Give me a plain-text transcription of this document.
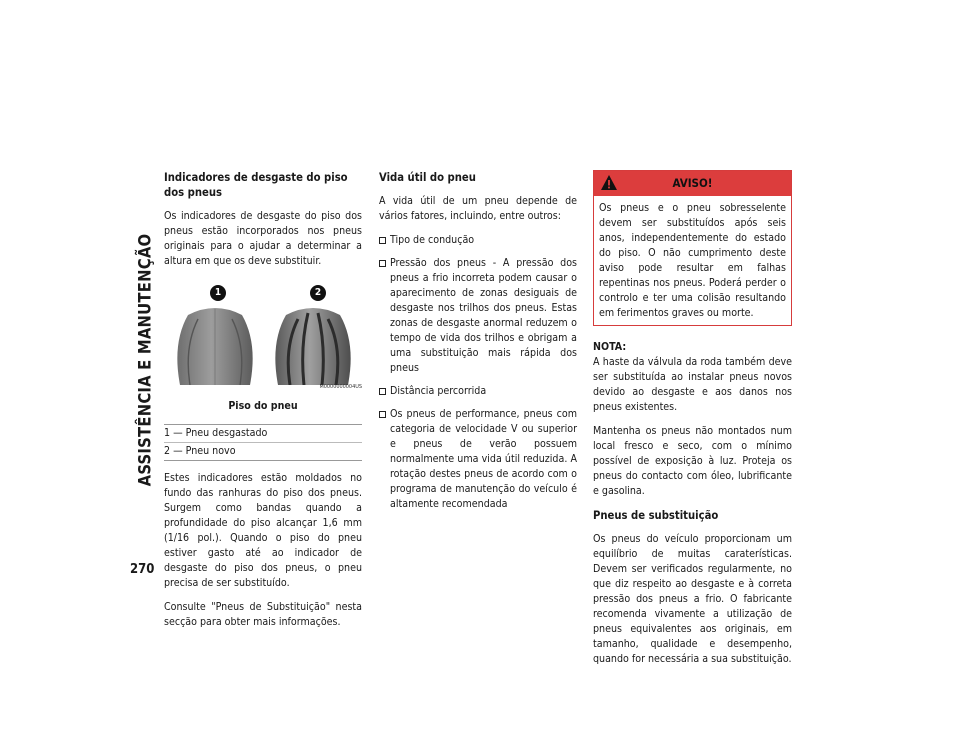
ASSISTÊNCIA E MANUTENÇÃO
270
Indicadores de desgaste do piso dos pneus

Os indicadores de desgaste do piso dos pneus estão incorporados nos pneus originais para o ajudar a determinar a altura em que os deve substituir.

1	2
M0000000004US
Piso do pneu
1 — Pneu desgastado
2 — Pneu novo

Estes indicadores estão moldados no fundo das ranhuras do piso dos pneus. Surgem como bandas quando a profundidade do piso alcançar 1,6 mm (1/16 pol.). Quando o piso do pneu estiver gasto até ao indicador de desgaste do piso dos pneus, o pneu precisa de ser substituído.

Consulte "Pneus de Substituição" nesta secção para obter mais informações.

Vida útil do pneu

A vida útil de um pneu depende de vários fatores, incluindo, entre outros:

Tipo de condução
Pressão dos pneus - A pressão dos pneus a frio incorreta podem causar o aparecimento de zonas desiguais de desgaste nos trilhos dos pneus. Estas zonas de desgaste anormal reduzem o tempo de vida dos trilhos e obrigam a uma substituição mais rápida dos pneus
Distância percorrida
Os pneus de performance, pneus com categoria de velocidade V ou superior e pneus de verão possuem normalmente uma vida útil reduzida. A rotação destes pneus de acordo com o programa de manutenção do veículo é altamente recomendada
AVISO!
Os pneus e o pneu sobresselente devem ser substituídos após seis anos, independentemente do estado do piso. O não cumprimento deste aviso pode resultar em falhas repentinas nos pneus. Poderá perder o controlo e ter uma colisão resultando em ferimentos graves ou morte.
NOTA:

A haste da válvula da roda também deve ser substituída ao instalar pneus novos devido ao desgaste e aos danos nos pneus existentes.

Mantenha os pneus não montados num local fresco e seco, com o mínimo possível de exposição à luz. Proteja os pneus do contacto com óleo, lubrificante e gasolina.

Pneus de substituição

Os pneus do veículo proporcionam um equilíbrio de muitas caraterísticas. Devem ser verificados regularmente, no que diz respeito ao desgaste e à correta pressão dos pneus a frio. O fabricante recomenda vivamente a utilização de pneus equivalentes aos originais, em tamanho, qualidade e desempenho, quando for necessária a sua substituição.
